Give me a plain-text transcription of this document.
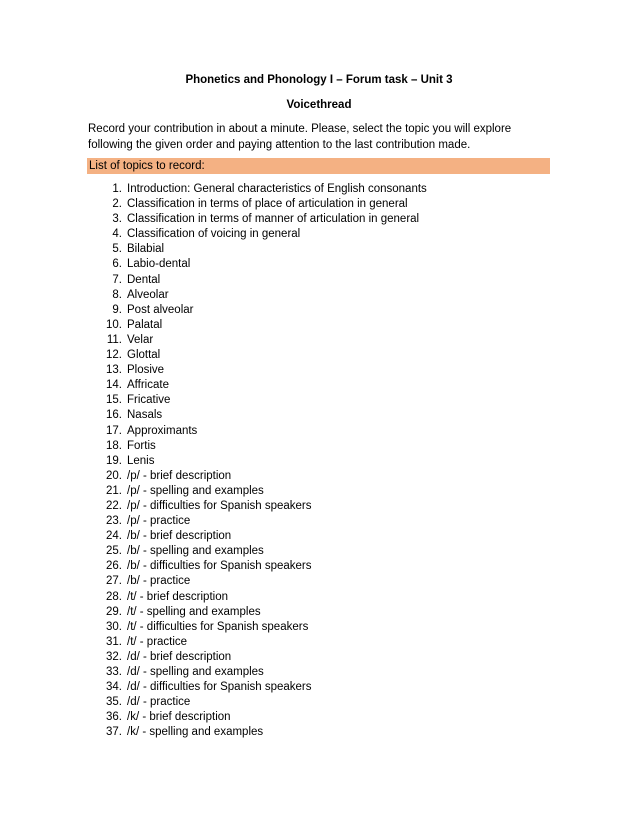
Phonetics and Phonology I – Forum task – Unit 3
Voicethread
Record your contribution in about a minute. Please, select the topic you will explore following the given order and paying attention to the last contribution made.
List of topics to record:
1. Introduction: General characteristics of English consonants
2. Classification in terms of place of articulation in general
3. Classification in terms of manner of articulation in general
4. Classification of voicing in general
5. Bilabial
6. Labio-dental
7. Dental
8. Alveolar
9. Post alveolar
10. Palatal
11. Velar
12. Glottal
13. Plosive
14. Affricate
15. Fricative
16. Nasals
17. Approximants
18. Fortis
19. Lenis
20. /p/ - brief description
21. /p/ - spelling and examples
22. /p/ - difficulties for Spanish speakers
23. /p/ - practice
24. /b/ - brief description
25. /b/ - spelling and examples
26. /b/ - difficulties for Spanish speakers
27. /b/ - practice
28. /t/ - brief description
29. /t/ - spelling and examples
30. /t/ - difficulties for Spanish speakers
31. /t/ - practice
32. /d/ - brief description
33. /d/ - spelling and examples
34. /d/ - difficulties for Spanish speakers
35. /d/ - practice
36. /k/ - brief description
37. /k/ - spelling and examples
